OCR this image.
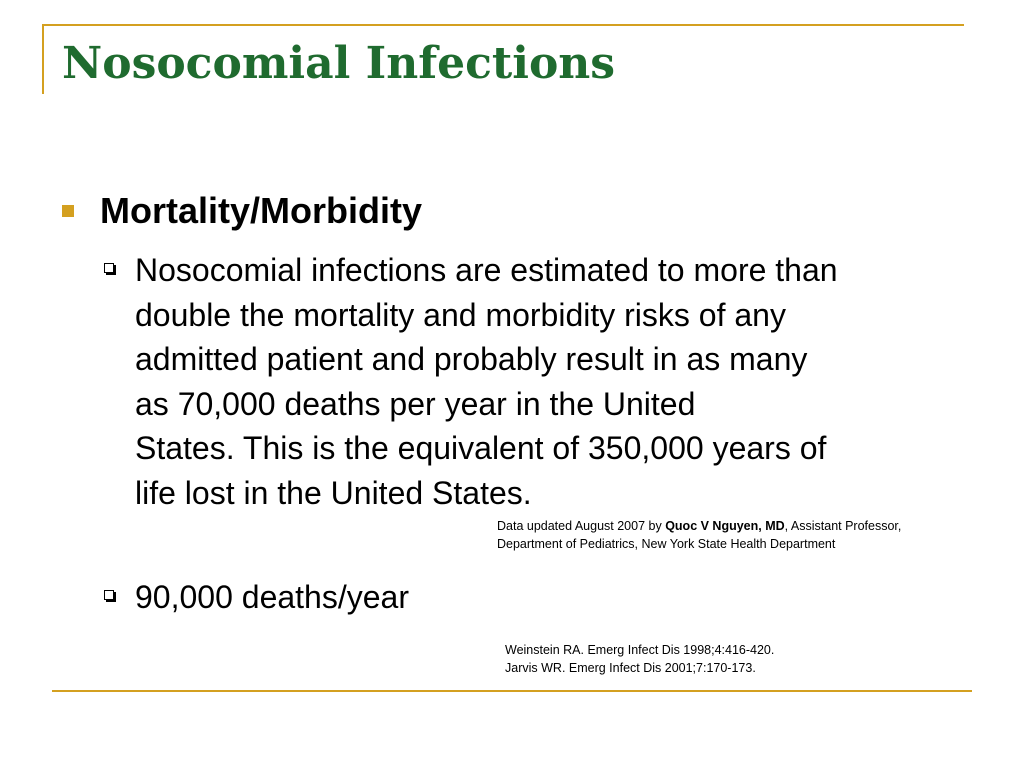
Nosocomial Infections
Mortality/Morbidity
Nosocomial infections are estimated to more than
double the mortality and morbidity risks of any
admitted patient and probably result in as many
as 70,000 deaths per year in the United
States. This is the equivalent of 350,000 years of
life lost in the United States.
Data updated August 2007 by Quoc V Nguyen, MD, Assistant Professor,
Department of Pediatrics, New York State Health Department
90,000 deaths/year
Weinstein RA. Emerg Infect Dis 1998;4:416-420.
Jarvis WR. Emerg Infect Dis 2001;7:170-173.
